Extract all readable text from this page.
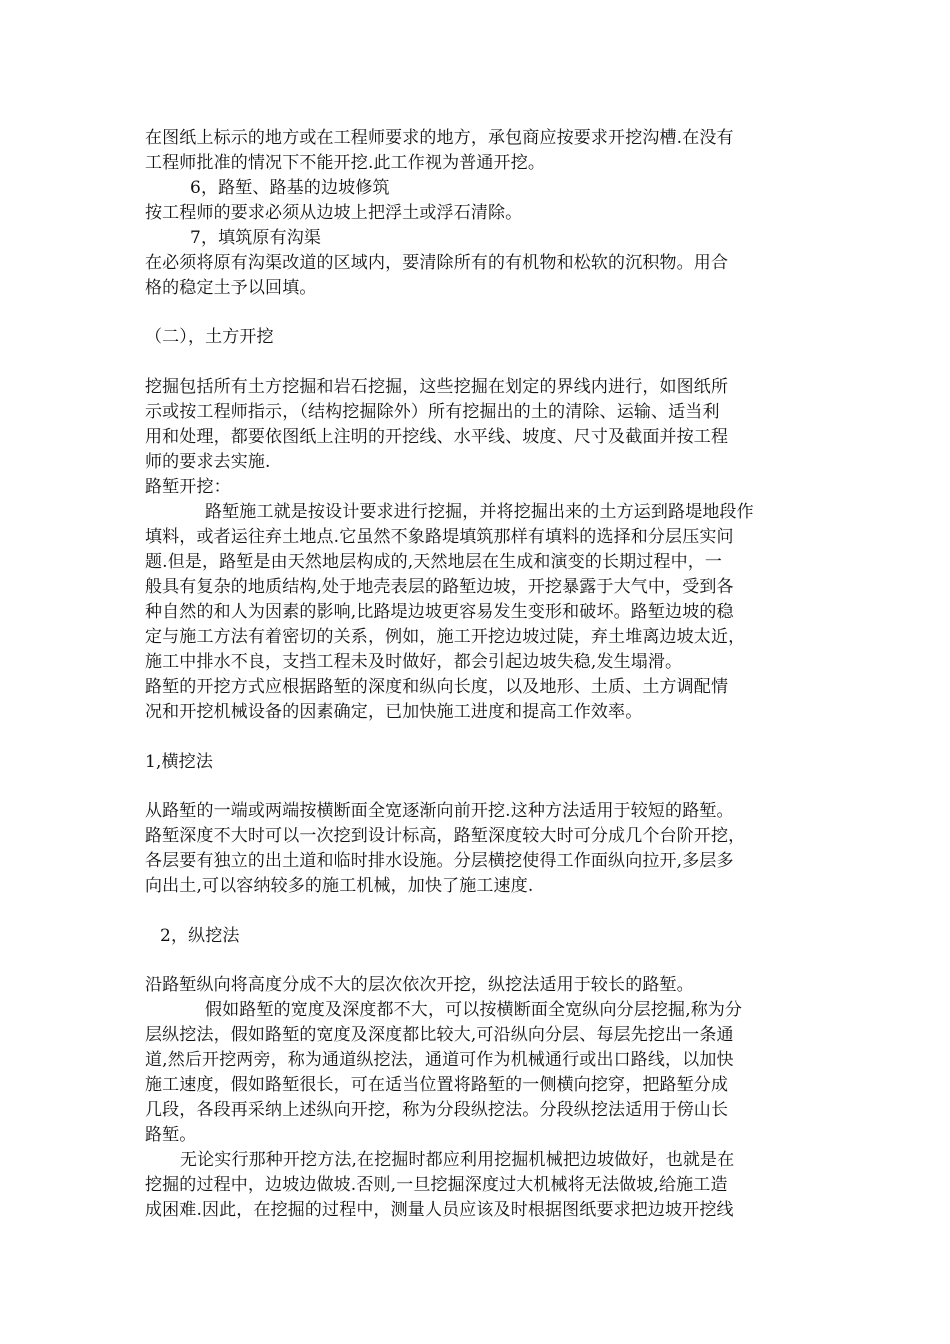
在图纸上标示的地方或在工程师要求的地方，承包商应按要求开挖沟槽.在没有
工程师批准的情况下不能开挖.此工作视为普通开挖。
6，路堑、路基的边坡修筑
按工程师的要求必须从边坡上把浮土或浮石清除。
7，填筑原有沟渠
在必须将原有沟渠改道的区域内，要清除所有的有机物和松软的沉积物。用合
格的稳定土予以回填。
（二），土方开挖
挖掘包括所有土方挖掘和岩石挖掘，这些挖掘在划定的界线内进行，如图纸所
示或按工程师指示，（结构挖掘除外）所有挖掘出的土的清除、运输、适当利
用和处理，都要依图纸上注明的开挖线、水平线、坡度、尺寸及截面并按工程
师的要求去实施.
路堑开挖：
路堑施工就是按设计要求进行挖掘，并将挖掘出来的土方运到路堤地段作
填料，或者运往弃土地点.它虽然不象路堤填筑那样有填料的选择和分层压实问
题.但是，路堑是由天然地层构成的,天然地层在生成和演变的长期过程中，一
般具有复杂的地质结构,处于地壳表层的路堑边坡，开挖暴露于大气中，受到各
种自然的和人为因素的影响,比路堤边坡更容易发生变形和破坏。路堑边坡的稳
定与施工方法有着密切的关系，例如，施工开挖边坡过陡，弃土堆离边坡太近，
施工中排水不良，支挡工程未及时做好，都会引起边坡失稳,发生塌滑。
路堑的开挖方式应根据路堑的深度和纵向长度，以及地形、土质、土方调配情
况和开挖机械设备的因素确定，已加快施工进度和提高工作效率。
1,横挖法
从路堑的一端或两端按横断面全宽逐渐向前开挖.这种方法适用于较短的路堑。
路堑深度不大时可以一次挖到设计标高，路堑深度较大时可分成几个台阶开挖，
各层要有独立的出土道和临时排水设施。分层横挖使得工作面纵向拉开,多层多
向出土,可以容纳较多的施工机械，加快了施工速度.
2，纵挖法
沿路堑纵向将高度分成不大的层次依次开挖，纵挖法适用于较长的路堑。
假如路堑的宽度及深度都不大，可以按横断面全宽纵向分层挖掘,称为分
层纵挖法，假如路堑的宽度及深度都比较大,可沿纵向分层、每层先挖出一条通
道,然后开挖两旁，称为通道纵挖法，通道可作为机械通行或出口路线，以加快
施工速度，假如路堑很长，可在适当位置将路堑的一侧横向挖穿，把路堑分成
几段，各段再采纳上述纵向开挖，称为分段纵挖法。分段纵挖法适用于傍山长
路堑。
无论实行那种开挖方法,在挖掘时都应利用挖掘机械把边坡做好，也就是在
挖掘的过程中，边坡边做坡.否则,一旦挖掘深度过大机械将无法做坡,给施工造
成困难.因此，在挖掘的过程中，测量人员应该及时根据图纸要求把边坡开挖线
